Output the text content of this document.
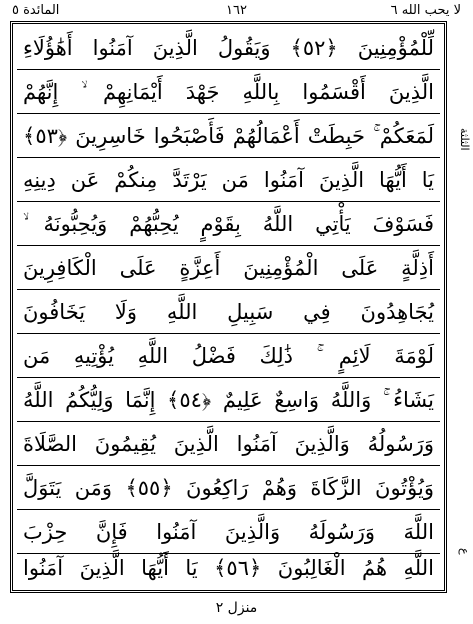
المائدة ٥	١٦٢	لا يحب الله ٦
لِّلْمُؤْمِنِينَ ﴿٥٢﴾ وَيَقُولُ الَّذِينَ آمَنُوا أَهَٰؤُلَاءِ
الَّذِينَ أَقْسَمُوا بِاللَّهِ جَهْدَ أَيْمَانِهِمْ ۙ إِنَّهُمْ
لَمَعَكُمْ ۚ حَبِطَتْ أَعْمَالُهُمْ فَأَصْبَحُوا خَاسِرِينَ ﴿٥٣﴾
يَا أَيُّهَا الَّذِينَ آمَنُوا مَن يَرْتَدَّ مِنكُمْ عَن دِينِهِ
فَسَوْفَ يَأْتِي اللَّهُ بِقَوْمٍ يُحِبُّهُمْ وَيُحِبُّونَهُ ۙ
أَذِلَّةٍ عَلَى الْمُؤْمِنِينَ أَعِزَّةٍ عَلَى الْكَافِرِينَ
يُجَاهِدُونَ فِي سَبِيلِ اللَّهِ وَلَا يَخَافُونَ
لَوْمَةَ لَائِمٍ ۚ ذَٰلِكَ فَضْلُ اللَّهِ يُؤْتِيهِ مَن
يَشَاءُ ۚ وَاللَّهُ وَاسِعٌ عَلِيمٌ ﴿٥٤﴾ إِنَّمَا وَلِيُّكُمُ اللَّهُ
وَرَسُولُهُ وَالَّذِينَ آمَنُوا الَّذِينَ يُقِيمُونَ الصَّلَاةَ
وَيُؤْتُونَ الزَّكَاةَ وَهُمْ رَاكِعُونَ ﴿٥٥﴾ وَمَن يَتَوَلَّ
اللَّهَ وَرَسُولَهُ وَالَّذِينَ آمَنُوا فَإِنَّ حِزْبَ
اللَّهِ هُمُ الْغَالِبُونَ ﴿٥٦﴾ يَا أَيُّهَا الَّذِينَ آمَنُوا
الثلثة
ع
منزل ٢
